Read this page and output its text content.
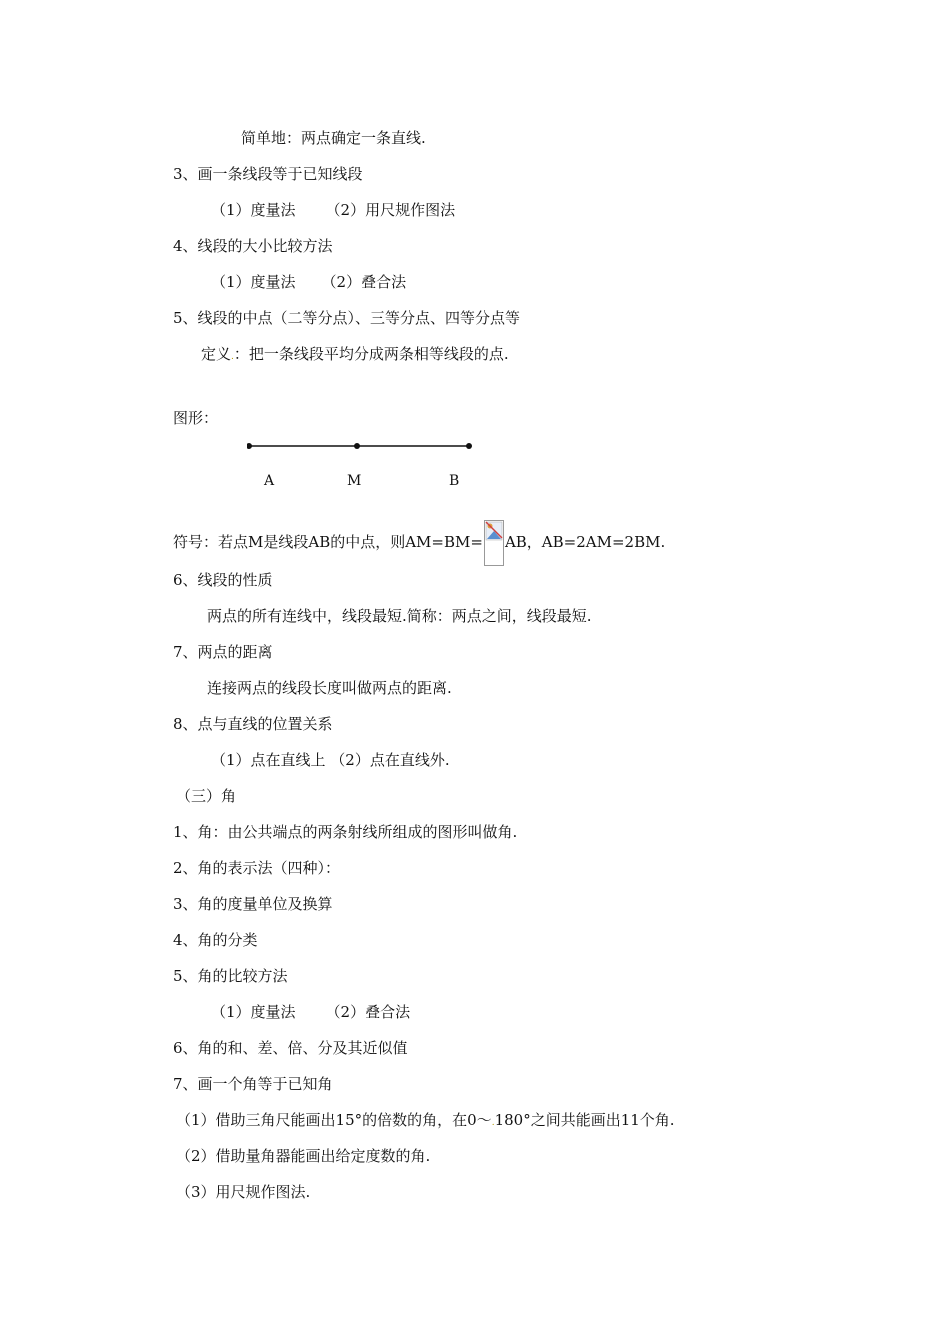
简单地：两点确定一条直线.
3、画一条线段等于已知线段
（1）度量法 （2）用尺规作图法
4、线段的大小比较方法
（1）度量法 （2）叠合法
5、线段的中点（二等分点）、三等分点、四等分点等
定义.：把一条线段平均分成两条相等线段的点.
图形：
A	M	B
符号：若点M是线段AB的中点，则AM=BM= AB，AB=2AM=2BM.
6、线段的性质
两点的所有连线中，线段最短.简称：两点之间，线段最短.
7、两点的距离
连接两点的线段长度叫做两点的距离.
8、点与直线的位置关系
（1）点在直线上 （2）点在直线外.
（三）角
1、角：由公共端点的两条射线所组成的图形叫做角.
2、角的表示法（四种）：
3、角的度量单位及换算
4、角的分类
5、角的比较方法
（1）度量法 （2）叠合法
6、角的和、差、倍、分及其近似值
7、画一个角等于已知角
（1）借助三角尺能画出15°的倍数的角，在0～.180°之间共能画出11个角.
（2）借助量角器能画出给定度数的角.
（3）用尺规作图法.
